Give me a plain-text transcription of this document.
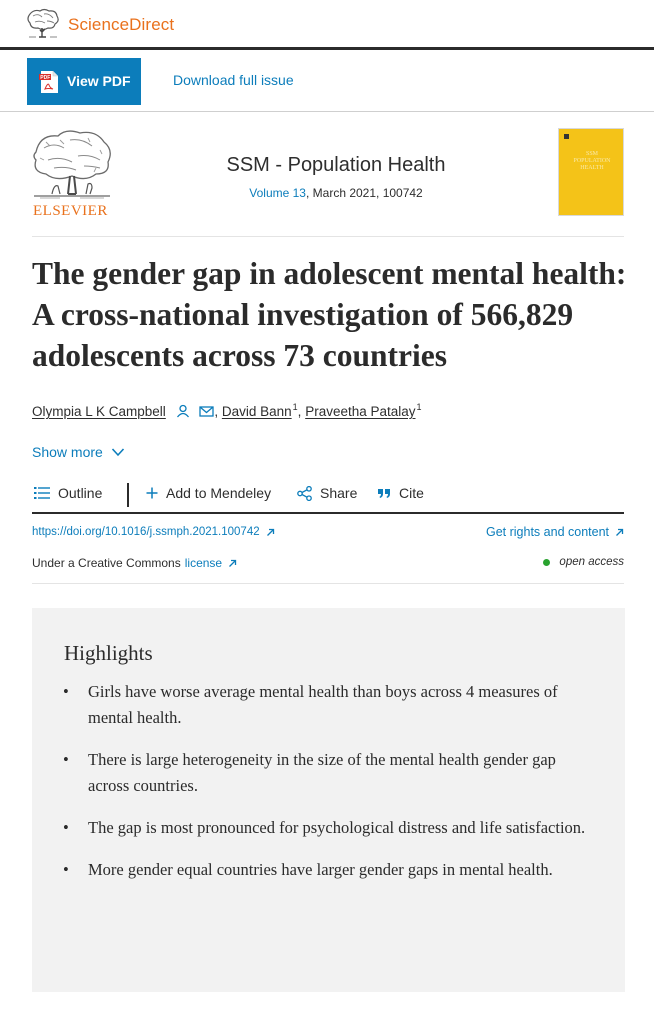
ScienceDirect
PDF View PDF	Download full issue
ELSEVIER
SSM - Population Health
Volume 13, March 2021, 100742
SSM POPULATION HEALTH
The gender gap in adolescent mental health: A cross-national investigation of 566,829 adolescents across 73 countries
Olympia L K Campbell	, David Bann$^1$, Praveetha Patalay$^1$
Show more
Outline	Add to Mendeley	Share	Cite
https://doi.org/10.1016/j.ssmph.2021.100742	Get rights and content
Under a Creative Commons license	open access
Highlights
• Girls have worse average mental health than boys across 4 measures of mental health.
• There is large heterogeneity in the size of the mental health gender gap across countries.
• The gap is most pronounced for psychological distress and life satisfaction.
• More gender equal countries have larger gender gaps in mental health.
